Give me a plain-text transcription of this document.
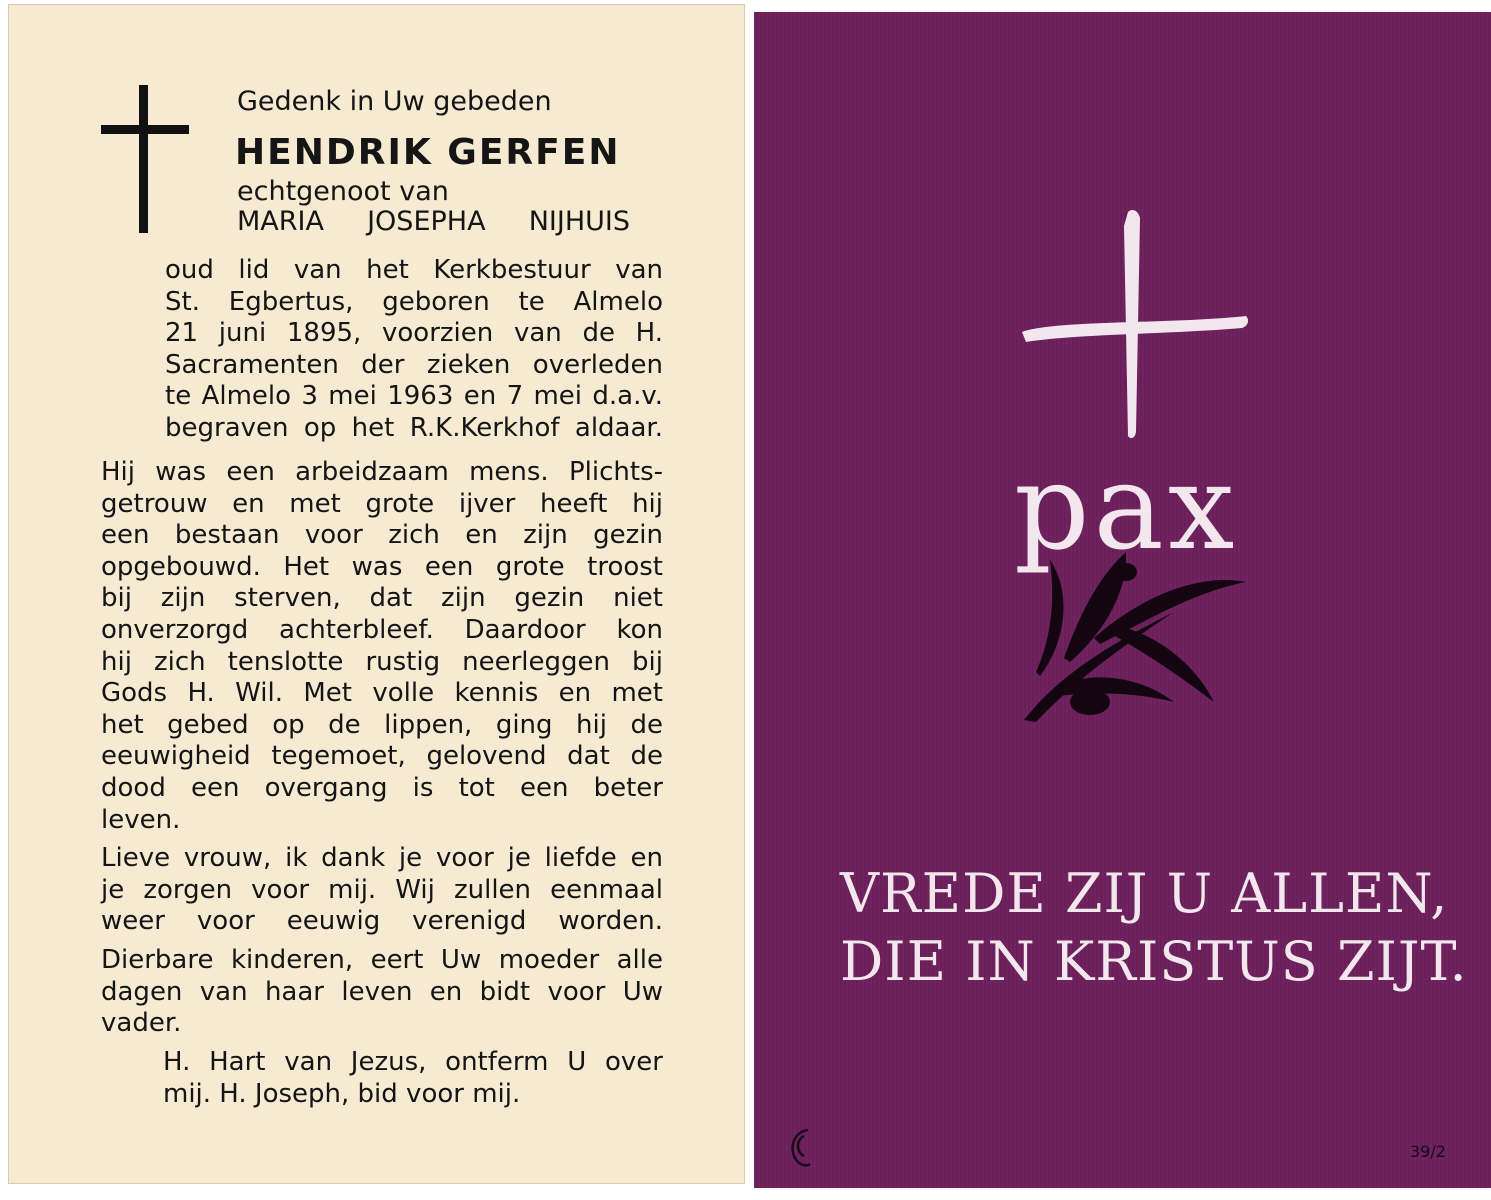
Gedenk in Uw gebeden
HENDRIK GERFEN
echtgenoot van
MARIA JOSEPHA NIJHUIS
oud lid van het Kerkbestuur van
St. Egbertus, geboren te Almelo
21 juni 1895, voorzien van de H.
Sacramenten der zieken overleden
te Almelo 3 mei 1963 en 7 mei d.a.v.
begraven op het R.K.Kerkhof aldaar.
Hij was een arbeidzaam mens. Plichts-
getrouw en met grote ijver heeft hij
een bestaan voor zich en zijn gezin
opgebouwd. Het was een grote troost
bij zijn sterven, dat zijn gezin niet
onverzorgd achterbleef. Daardoor kon
hij zich tenslotte rustig neerleggen bij
Gods H. Wil. Met volle kennis en met
het gebed op de lippen, ging hij de
eeuwigheid tegemoet, gelovend dat de
dood een overgang is tot een beter
leven.
Lieve vrouw, ik dank je voor je liefde en
je zorgen voor mij. Wij zullen eenmaal
weer voor eeuwig verenigd worden.
Dierbare kinderen, eert Uw moeder alle
dagen van haar leven en bidt voor Uw
vader.
H. Hart van Jezus, ontferm U over
mij. H. Joseph, bid voor mij.
pax
VREDE ZIJ U ALLEN,
DIE IN KRISTUS ZIJT.
39/2
